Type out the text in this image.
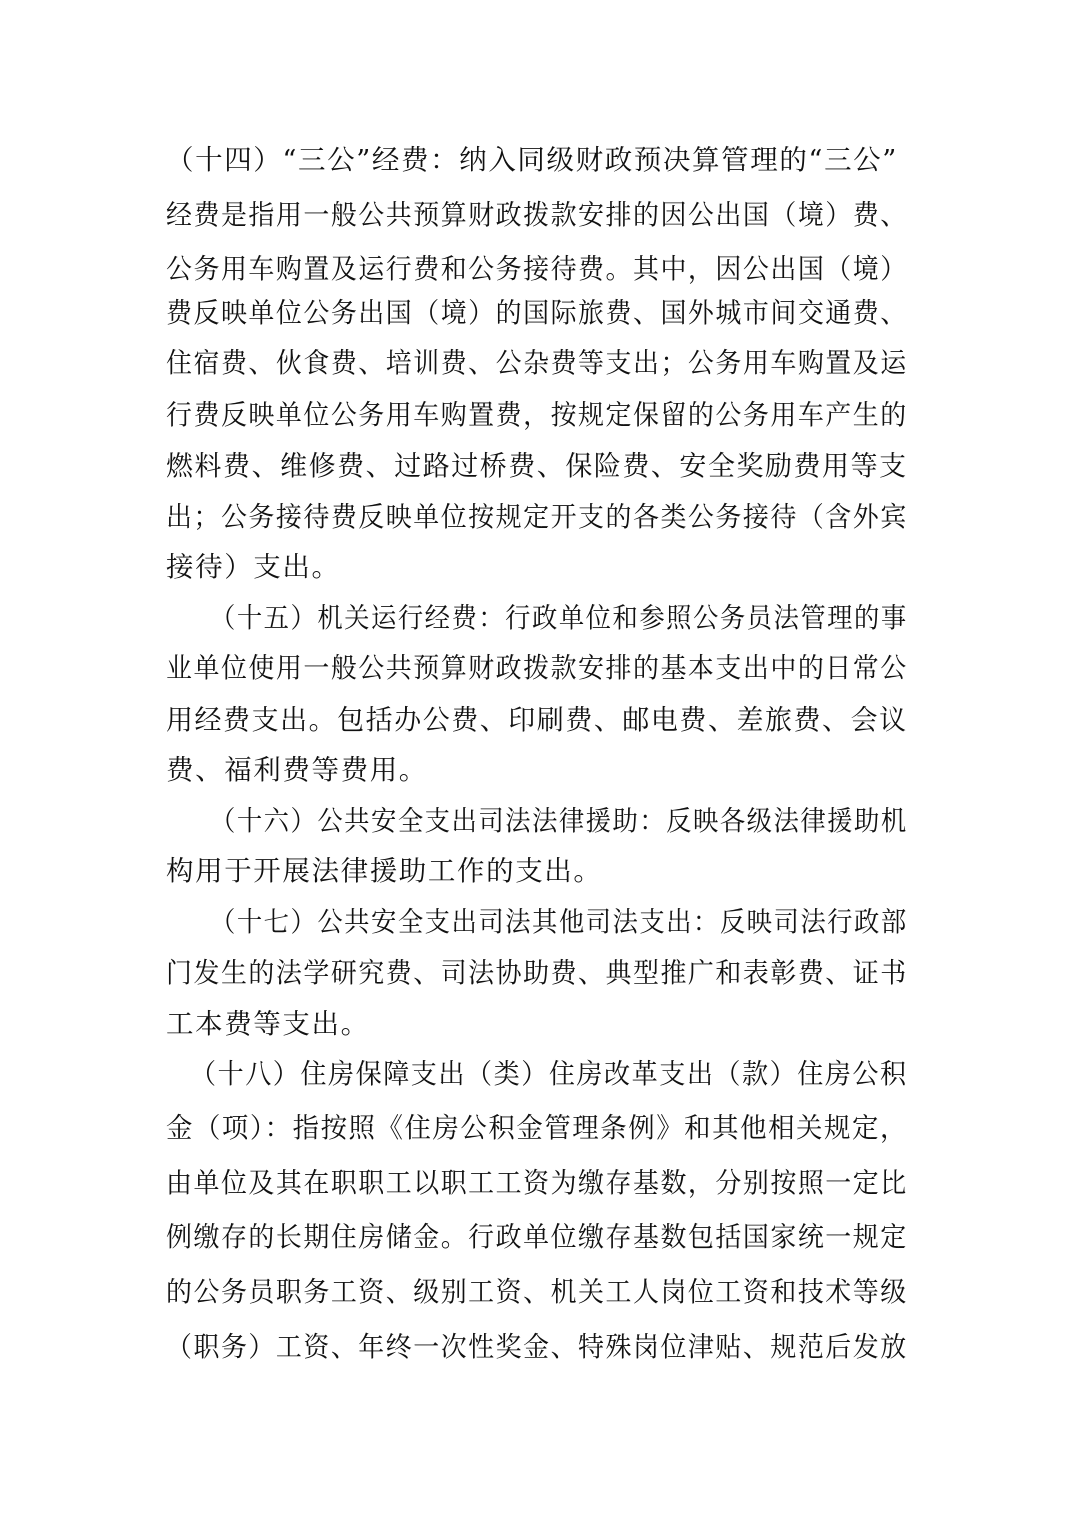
（十四）“三公”经费：纳入同级财政预决算管理的“三公”
经费是指用一般公共预算财政拨款安排的因公出国（境）费、
公务用车购置及运行费和公务接待费。其中，因公出国（境）
费反映单位公务出国（境）的国际旅费、国外城市间交通费、
住宿费、伙食费、培训费、公杂费等支出；公务用车购置及运
行费反映单位公务用车购置费，按规定保留的公务用车产生的
燃料费、维修费、过路过桥费、保险费、安全奖励费用等支
出；公务接待费反映单位按规定开支的各类公务接待（含外宾
接待）支出。
（十五）机关运行经费：行政单位和参照公务员法管理的事
业单位使用一般公共预算财政拨款安排的基本支出中的日常公
用经费支出。包括办公费、印刷费、邮电费、差旅费、会议
费、福利费等费用。
（十六）公共安全支出司法法律援助：反映各级法律援助机
构用于开展法律援助工作的支出。
（十七）公共安全支出司法其他司法支出：反映司法行政部
门发生的法学研究费、司法协助费、典型推广和表彰费、证书
工本费等支出。
（十八）住房保障支出（类）住房改革支出（款）住房公积
金（项）：指按照《住房公积金管理条例》和其他相关规定，
由单位及其在职职工以职工工资为缴存基数，分别按照一定比
例缴存的长期住房储金。行政单位缴存基数包括国家统一规定
的公务员职务工资、级别工资、机关工人岗位工资和技术等级
（职务）工资、年终一次性奖金、特殊岗位津贴、规范后发放
